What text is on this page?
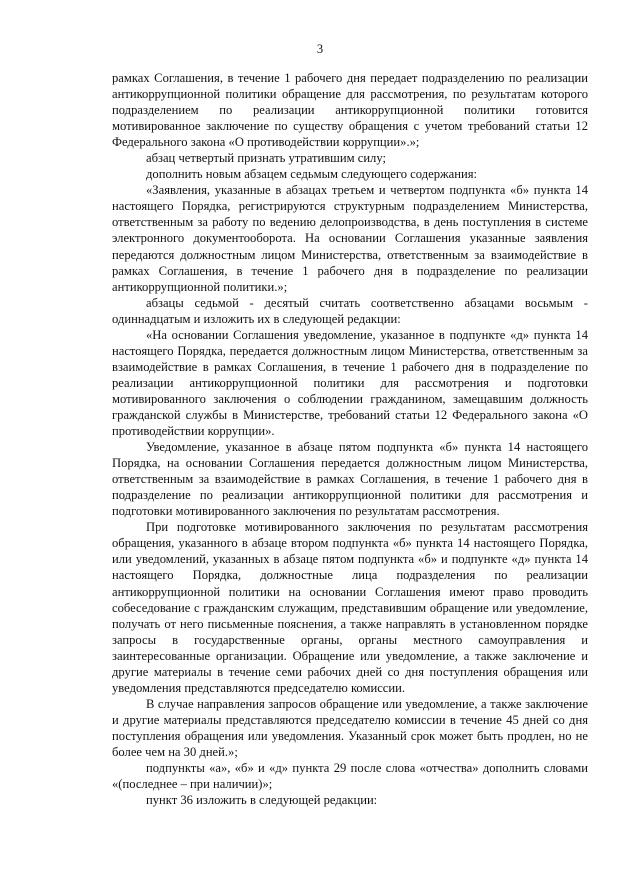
3

рамках Соглашения, в течение 1 рабочего дня передает подразделению по реализации антикоррупционной политики обращение для рассмотрения, по результатам которого подразделением по реализации антикоррупционной политики готовится мотивированное заключение по существу обращения с учетом требований статьи 12 Федерального закона «О противодействии коррупции».»;

абзац четвертый признать утратившим силу;

дополнить новым абзацем седьмым следующего содержания:

«Заявления, указанные в абзацах третьем и четвертом подпункта «б» пункта 14 настоящего Порядка, регистрируются структурным подразделением Министерства, ответственным за работу по ведению делопроизводства, в день поступления в системе электронного документооборота. На основании Соглашения указанные заявления передаются должностным лицом Министерства, ответственным за взаимодействие в рамках Соглашения, в течение 1 рабочего дня в подразделение по реализации антикоррупционной политики.»;

абзацы седьмой - десятый считать соответственно абзацами восьмым - одиннадцатым и изложить их в следующей редакции:

«На основании Соглашения уведомление, указанное в подпункте «д» пункта 14 настоящего Порядка, передается должностным лицом Министерства, ответственным за взаимодействие в рамках Соглашения, в течение 1 рабочего дня в подразделение по реализации антикоррупционной политики для рассмотрения и подготовки мотивированного заключения о соблюдении гражданином, замещавшим должность гражданской службы в Министерстве, требований статьи 12 Федерального закона «О противодействии коррупции».

Уведомление, указанное в абзаце пятом подпункта «б» пункта 14 настоящего Порядка, на основании Соглашения передается должностным лицом Министерства, ответственным за взаимодействие в рамках Соглашения, в течение 1 рабочего дня в подразделение по реализации антикоррупционной политики для рассмотрения и подготовки мотивированного заключения по результатам рассмотрения.

При подготовке мотивированного заключения по результатам рассмотрения обращения, указанного в абзаце втором подпункта «б» пункта 14 настоящего Порядка, или уведомлений, указанных в абзаце пятом подпункта «б» и подпункте «д» пункта 14 настоящего Порядка, должностные лица подразделения по реализации антикоррупционной политики на основании Соглашения имеют право проводить собеседование с гражданским служащим, представившим обращение или уведомление, получать от него письменные пояснения, а также направлять в установленном порядке запросы в государственные органы, органы местного самоуправления и заинтересованные организации. Обращение или уведомление, а также заключение и другие материалы в течение семи рабочих дней со дня поступления обращения или уведомления представляются председателю комиссии.

В случае направления запросов обращение или уведомление, а также заключение и другие материалы представляются председателю комиссии в течение 45 дней со дня поступления обращения или уведомления. Указанный срок может быть продлен, но не более чем на 30 дней.»;

подпункты «а», «б» и «д» пункта 29 после слова «отчества» дополнить словами «(последнее – при наличии)»;

пункт 36 изложить в следующей редакции:
